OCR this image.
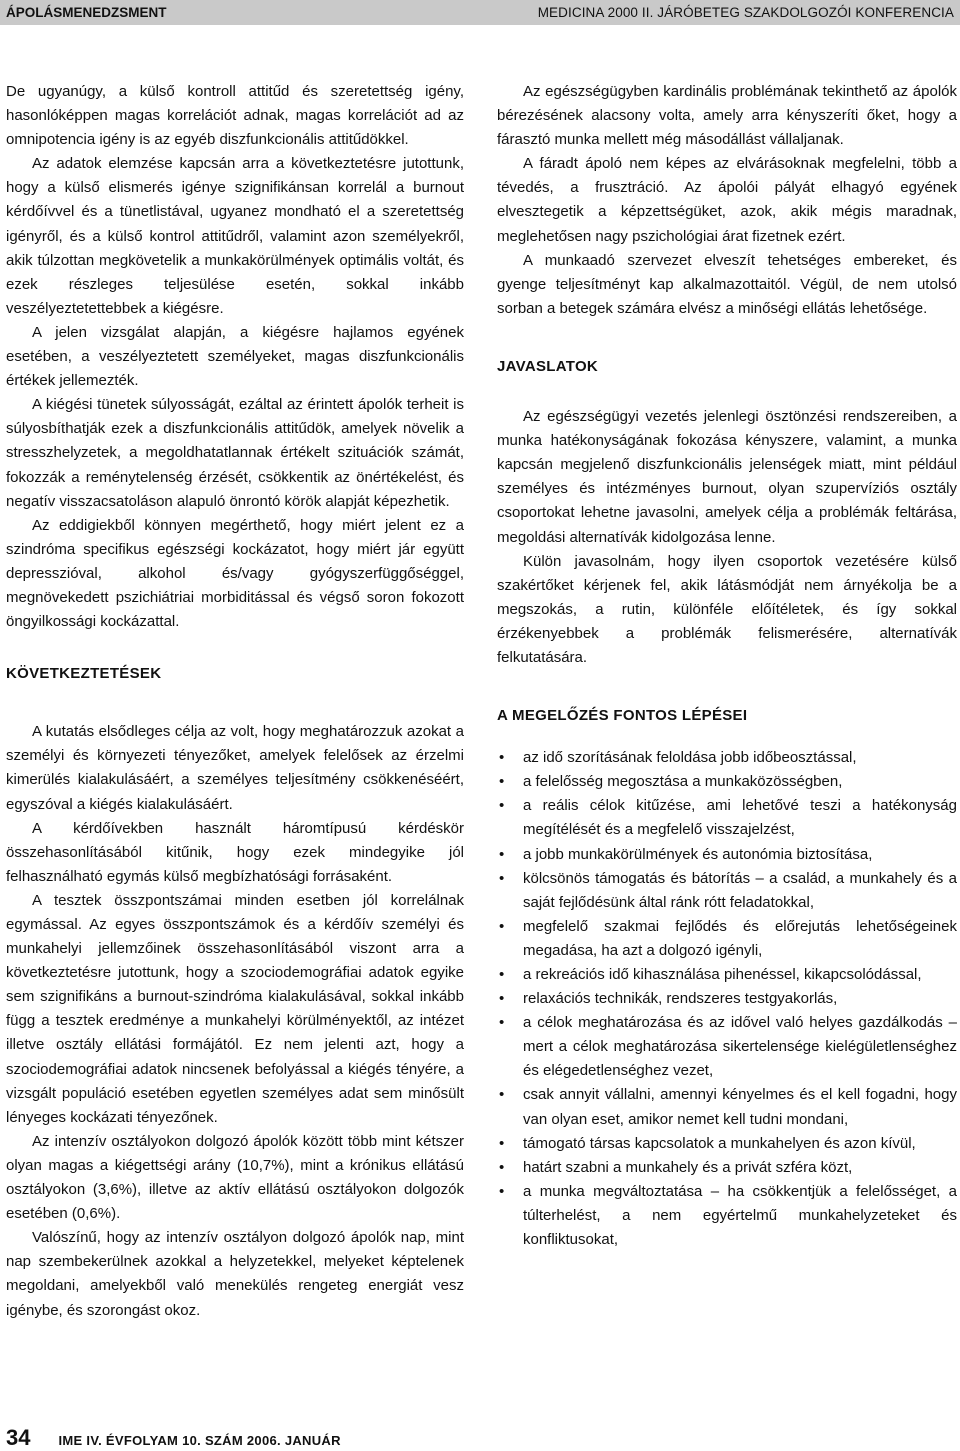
ÁPOLÁSMENEDZSMENT	MEDICINA 2000 II. JÁRÓBETEG SZAKDOLGOZÓI KONFERENCIA

De ugyanúgy, a külső kontroll attitűd és szeretettség igény, hasonlóképpen magas korrelációt adnak, magas korrelációt ad az omnipotencia igény is az egyéb diszfunkcionális attitűdökkel.

Az adatok elemzése kapcsán arra a következtetésre jutottunk, hogy a külső elismerés igénye szignifikánsan korrelál a burnout kérdőívvel és a tünetlistával, ugyanez mondható el a szeretettség igényről, és a külső kontrol attitűdről, valamint azon személyekről, akik túlzottan megkövetelik a munkakörülmények optimális voltát, és ezek részleges teljesülése esetén, sokkal inkább veszélyeztetettebbek a kiégésre.

A jelen vizsgálat alapján, a kiégésre hajlamos egyének esetében, a veszélyeztetett személyeket, magas diszfunkcionális értékek jellemezték.

A kiégési tünetek súlyosságát, ezáltal az érintett ápolók terheit is súlyosbíthatják ezek a diszfunkcionális attitűdök, amelyek növelik a stresszhelyzetek, a megoldhatatlannak értékelt szituációk számát, fokozzák a reménytelenség érzését, csökkentik az önértékelést, és negatív visszacsatoláson alapuló önrontó körök alapját képezhetik.

Az eddigiekből könnyen megérthető, hogy miért jelent ez a szindróma specifikus egészségi kockázatot, hogy miért jár együtt depresszióval, alkohol és/vagy gyógyszerfüggőséggel, megnövekedett pszichiátriai morbiditással és végső soron fokozott öngyilkossági kockázattal.

KÖVETKEZTETÉSEK

A kutatás elsődleges célja az volt, hogy meghatározzuk azokat a személyi és környezeti tényezőket, amelyek felelősek az érzelmi kimerülés kialakulásáért, a személyes teljesítmény csökkenéséért, egyszóval a kiégés kialakulásáért.

A kérdőívekben használt háromtípusú kérdéskör összehasonlításából kitűnik, hogy ezek mindegyike jól felhasználható egymás külső megbízhatósági forrásaként.

A tesztek összpontszámai minden esetben jól korrelálnak egymással. Az egyes összpontszámok és a kérdőív személyi és munkahelyi jellemzőinek összehasonlításából viszont arra a következtetésre jutottunk, hogy a szociodemográfiai adatok egyike sem szignifikáns a burnout-szindróma kialakulásával, sokkal inkább függ a tesztek eredménye a munkahelyi körülményektől, az intézet illetve osztály ellátási formájától. Ez nem jelenti azt, hogy a szociodemográfiai adatok nincsenek befolyással a kiégés tényére, a vizsgált populáció esetében egyetlen személyes adat sem minősült lényeges kockázati tényezőnek.

Az intenzív osztályokon dolgozó ápolók között több mint kétszer olyan magas a kiégettségi arány (10,7%), mint a krónikus ellátású osztályokon (3,6%), illetve az aktív ellátású osztályokon dolgozók esetében (0,6%).

Valószínű, hogy az intenzív osztályon dolgozó ápolók nap, mint nap szembekerülnek azokkal a helyzetekkel, melyeket képtelenek megoldani, amelyekből való menekülés rengeteg energiát vesz igénybe, és szorongást okoz.

Az egészségügyben kardinális problémának tekinthető az ápolók bérezésének alacsony volta, amely arra kényszeríti őket, hogy a fárasztó munka mellett még másodállást vállaljanak.

A fáradt ápoló nem képes az elvárásoknak megfelelni, több a tévedés, a frusztráció. Az ápolói pályát elhagyó egyének elvesztegetik a képzettségüket, azok, akik mégis maradnak, meglehetősen nagy pszichológiai árat fizetnek ezért.

A munkaadó szervezet elveszít tehetséges embereket, és gyenge teljesítményt kap alkalmazottaitól. Végül, de nem utolsó sorban a betegek számára elvész a minőségi ellátás lehetősége.

JAVASLATOK

Az egészségügyi vezetés jelenlegi ösztönzési rendszereiben, a munka hatékonyságának fokozása kényszere, valamint, a munka kapcsán megjelenő diszfunkcionális jelenségek miatt, mint például személyes és intézményes burnout, olyan szupervíziós osztály csoportokat lehetne javasolni, amelyek célja a problémák feltárása, megoldási alternatívák kidolgozása lenne.

Külön javasolnám, hogy ilyen csoportok vezetésére külső szakértőket kérjenek fel, akik látásmódját nem árnyékolja be a megszokás, a rutin, különféle előítéletek, és így sokkal érzékenyebbek a problémák felismerésére, alternatívák felkutatására.

A MEGELŐZÉS FONTOS LÉPÉSEI
• az idő szorításának feloldása jobb időbeosztással,
• a felelősség megosztása a munkaközösségben,
• a reális célok kitűzése, ami lehetővé teszi a hatékonyság megítélését és a megfelelő visszajelzést,
• a jobb munkakörülmények és autonómia biztosítása,
• kölcsönös támogatás és bátorítás – a család, a munkahely és a saját fejlődésünk által ránk rótt feladatokkal,
• megfelelő szakmai fejlődés és előrejutás lehetőségeinek megadása, ha azt a dolgozó igényli,
• a rekreációs idő kihasználása pihenéssel, kikapcsolódással,
• relaxációs technikák, rendszeres testgyakorlás,
• a célok meghatározása és az idővel való helyes gazdálkodás – mert a célok meghatározása sikertelensége kielégületlenséghez és elégedetlenséghez vezet,
• csak annyit vállalni, amennyi kényelmes és el kell fogadni, hogy van olyan eset, amikor nemet kell tudni mondani,
• támogató társas kapcsolatok a munkahelyen és azon kívül,
• határt szabni a munkahely és a privát szféra közt,
• a munka megváltoztatása – ha csökkentjük a felelősséget, a túlterhelést, a nem egyértelmű munkahelyzeteket és konfliktusokat,
34 IME IV. ÉVFOLYAM 10. SZÁM 2006. JANUÁR
